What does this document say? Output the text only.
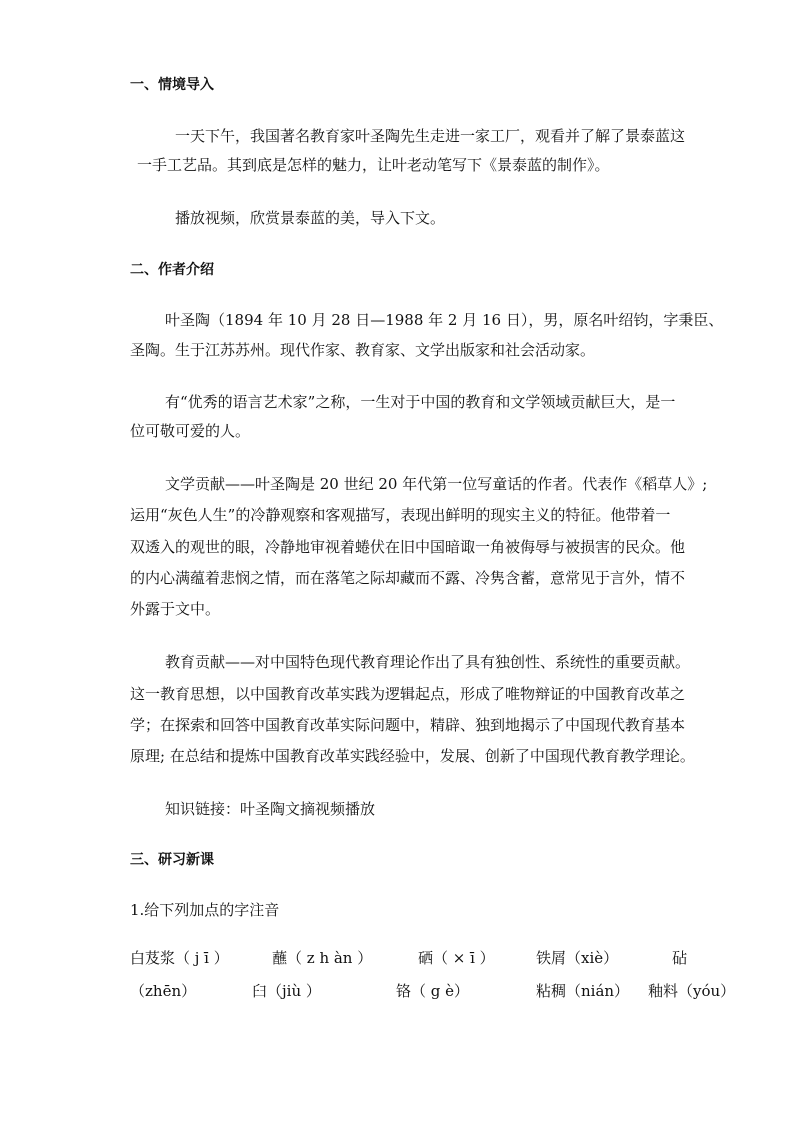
一、情境导入
一天下午，我国著名教育家叶圣陶先生走进一家工厂，观看并了解了景泰蓝这
一手工艺品。其到底是怎样的魅力，让叶老动笔写下《景泰蓝的制作》。
播放视频，欣赏景泰蓝的美，导入下文。
二、作者介绍
叶圣陶（1894 年 10 月 28 日—1988 年 2 月 16 日），男，原名叶绍钧，字秉臣、
圣陶。生于江苏苏州。现代作家、教育家、文学出版家和社会活动家。
有“优秀的语言艺术家”之称，一生对于中国的教育和文学领域贡献巨大，是一
位可敬可爱的人。
文学贡献——叶圣陶是 20 世纪 20 年代第一位写童话的作者。代表作《稻草人》;
运用“灰色人生”的冷静观察和客观描写，表现出鲜明的现实主义的特征。他带着一
双透入的观世的眼，冷静地审视着蜷伏在旧中国暗诹一角被侮辱与被损害的民众。他
的内心满蕴着悲悯之情，而在落笔之际却藏而不露、冷隽含蓄，意常见于言外，情不
外露于文中。
教育贡献——对中国特色现代教育理论作出了具有独创性、系统性的重要贡献。
这一教育思想，以中国教育改革实践为逻辑起点，形成了唯物辩证的中国教育改革之
学；在探索和回答中国教育改革实际问题中，精辟、独到地揭示了中国现代教育基本
原理; 在总结和提炼中国教育改革实践经验中，发展、创新了中国现代教育教学理论。
知识链接：叶圣陶文摘视频播放
三、研习新课
1.给下列加点的字注音
白芨浆（ j ī ）	蘸（ z h àn ）	硒（ × ī ）	铁屑（xiè）	砧
（zhēn）	臼（jiù ）	铬（ g è）	粘稠（nián） 釉料（yóu）
